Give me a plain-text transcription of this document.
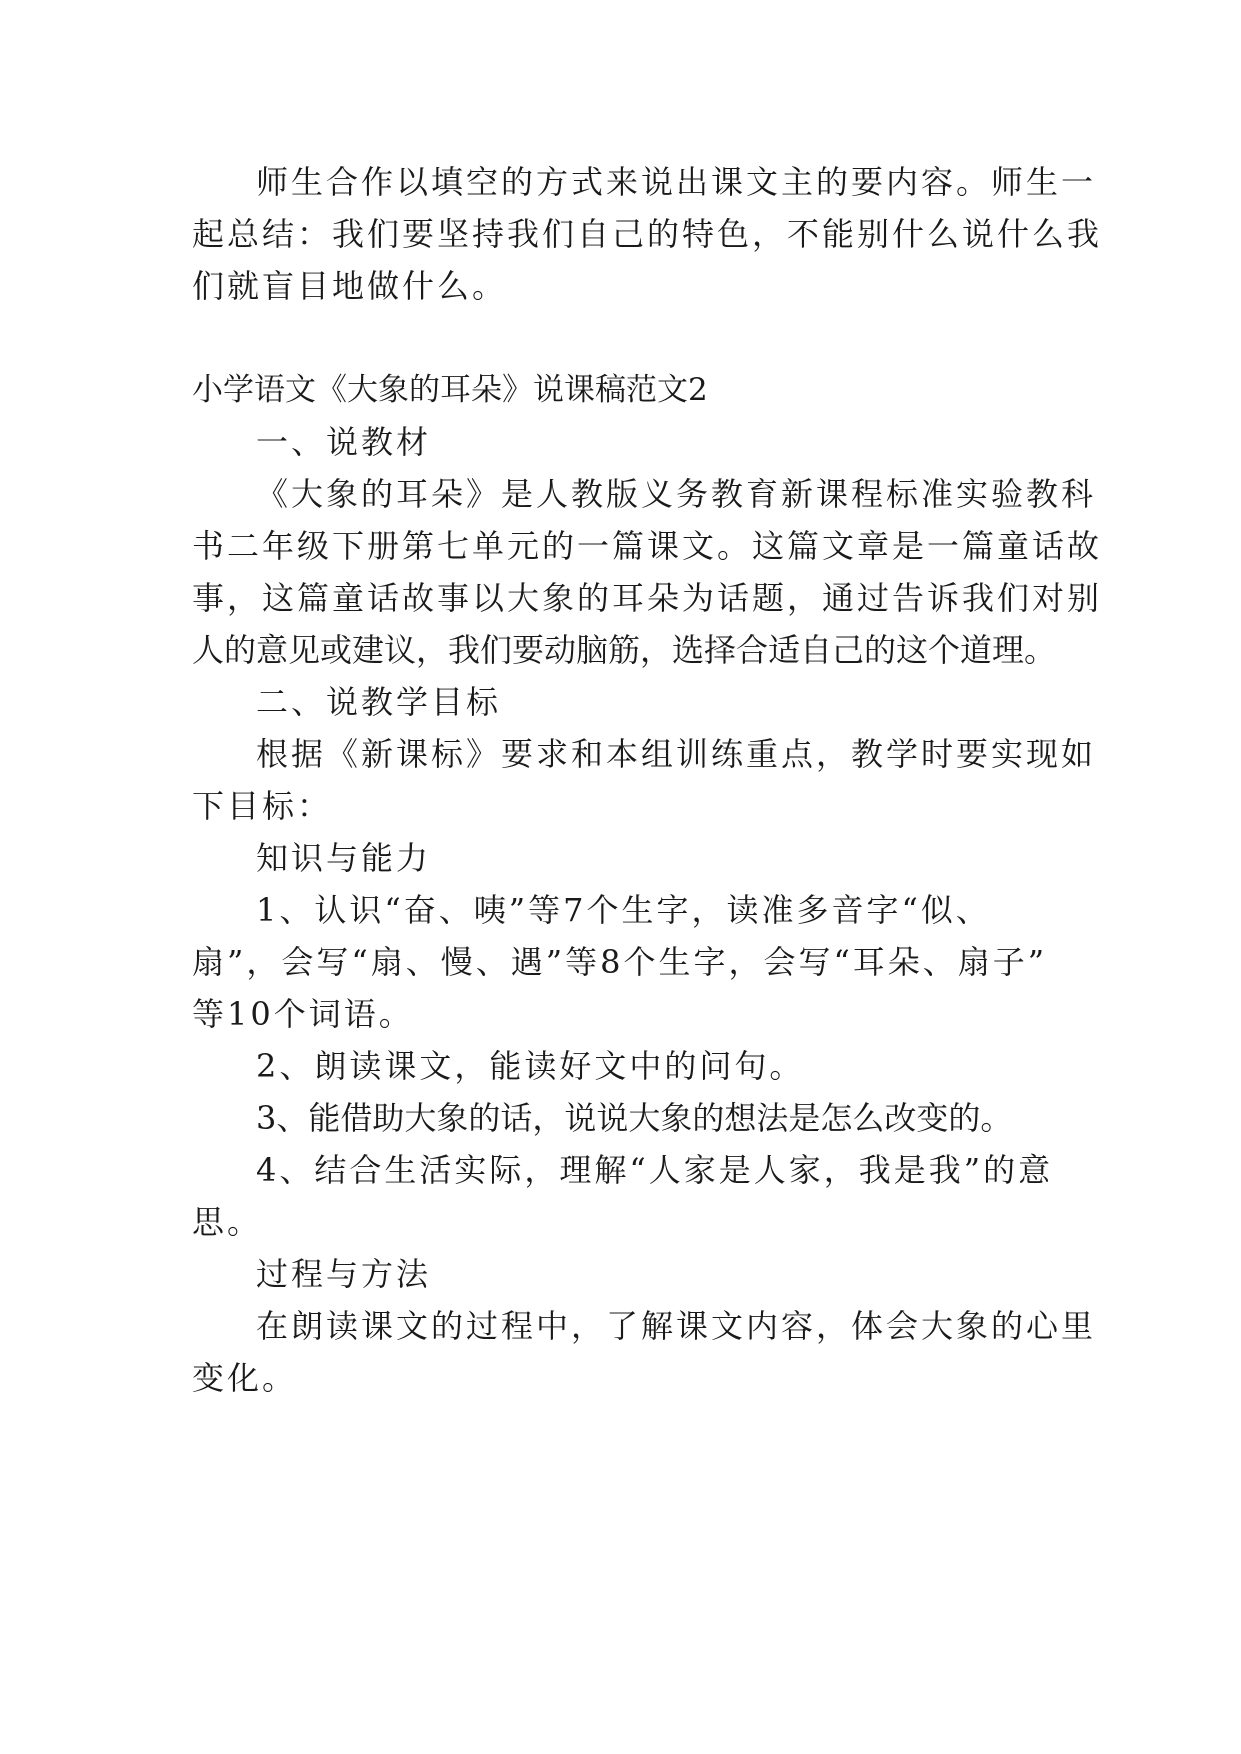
师生合作以填空的方式来说出课文主的要内容。师生一
起总结：我们要坚持我们自己的特色，不能别什么说什么我
们就盲目地做什么。
小学语文《大象的耳朵》说课稿范文2
一、说教材
《大象的耳朵》是人教版义务教育新课程标准实验教科
书二年级下册第七单元的一篇课文。这篇文章是一篇童话故
事，这篇童话故事以大象的耳朵为话题，通过告诉我们对别
人的意见或建议，我们要动脑筋，选择合适自己的这个道理。
二、说教学目标
根据《新课标》要求和本组训练重点，教学时要实现如
下目标：
知识与能力
1、认识“奋、咦”等7个生字，读准多音字“似、
扇”，会写“扇、慢、遇”等8个生字，会写“耳朵、扇子”
等10个词语。
2、朗读课文，能读好文中的问句。
3、能借助大象的话，说说大象的想法是怎么改变的。
4、结合生活实际，理解“人家是人家，我是我”的意
思。
过程与方法
在朗读课文的过程中，了解课文内容，体会大象的心里
变化。
